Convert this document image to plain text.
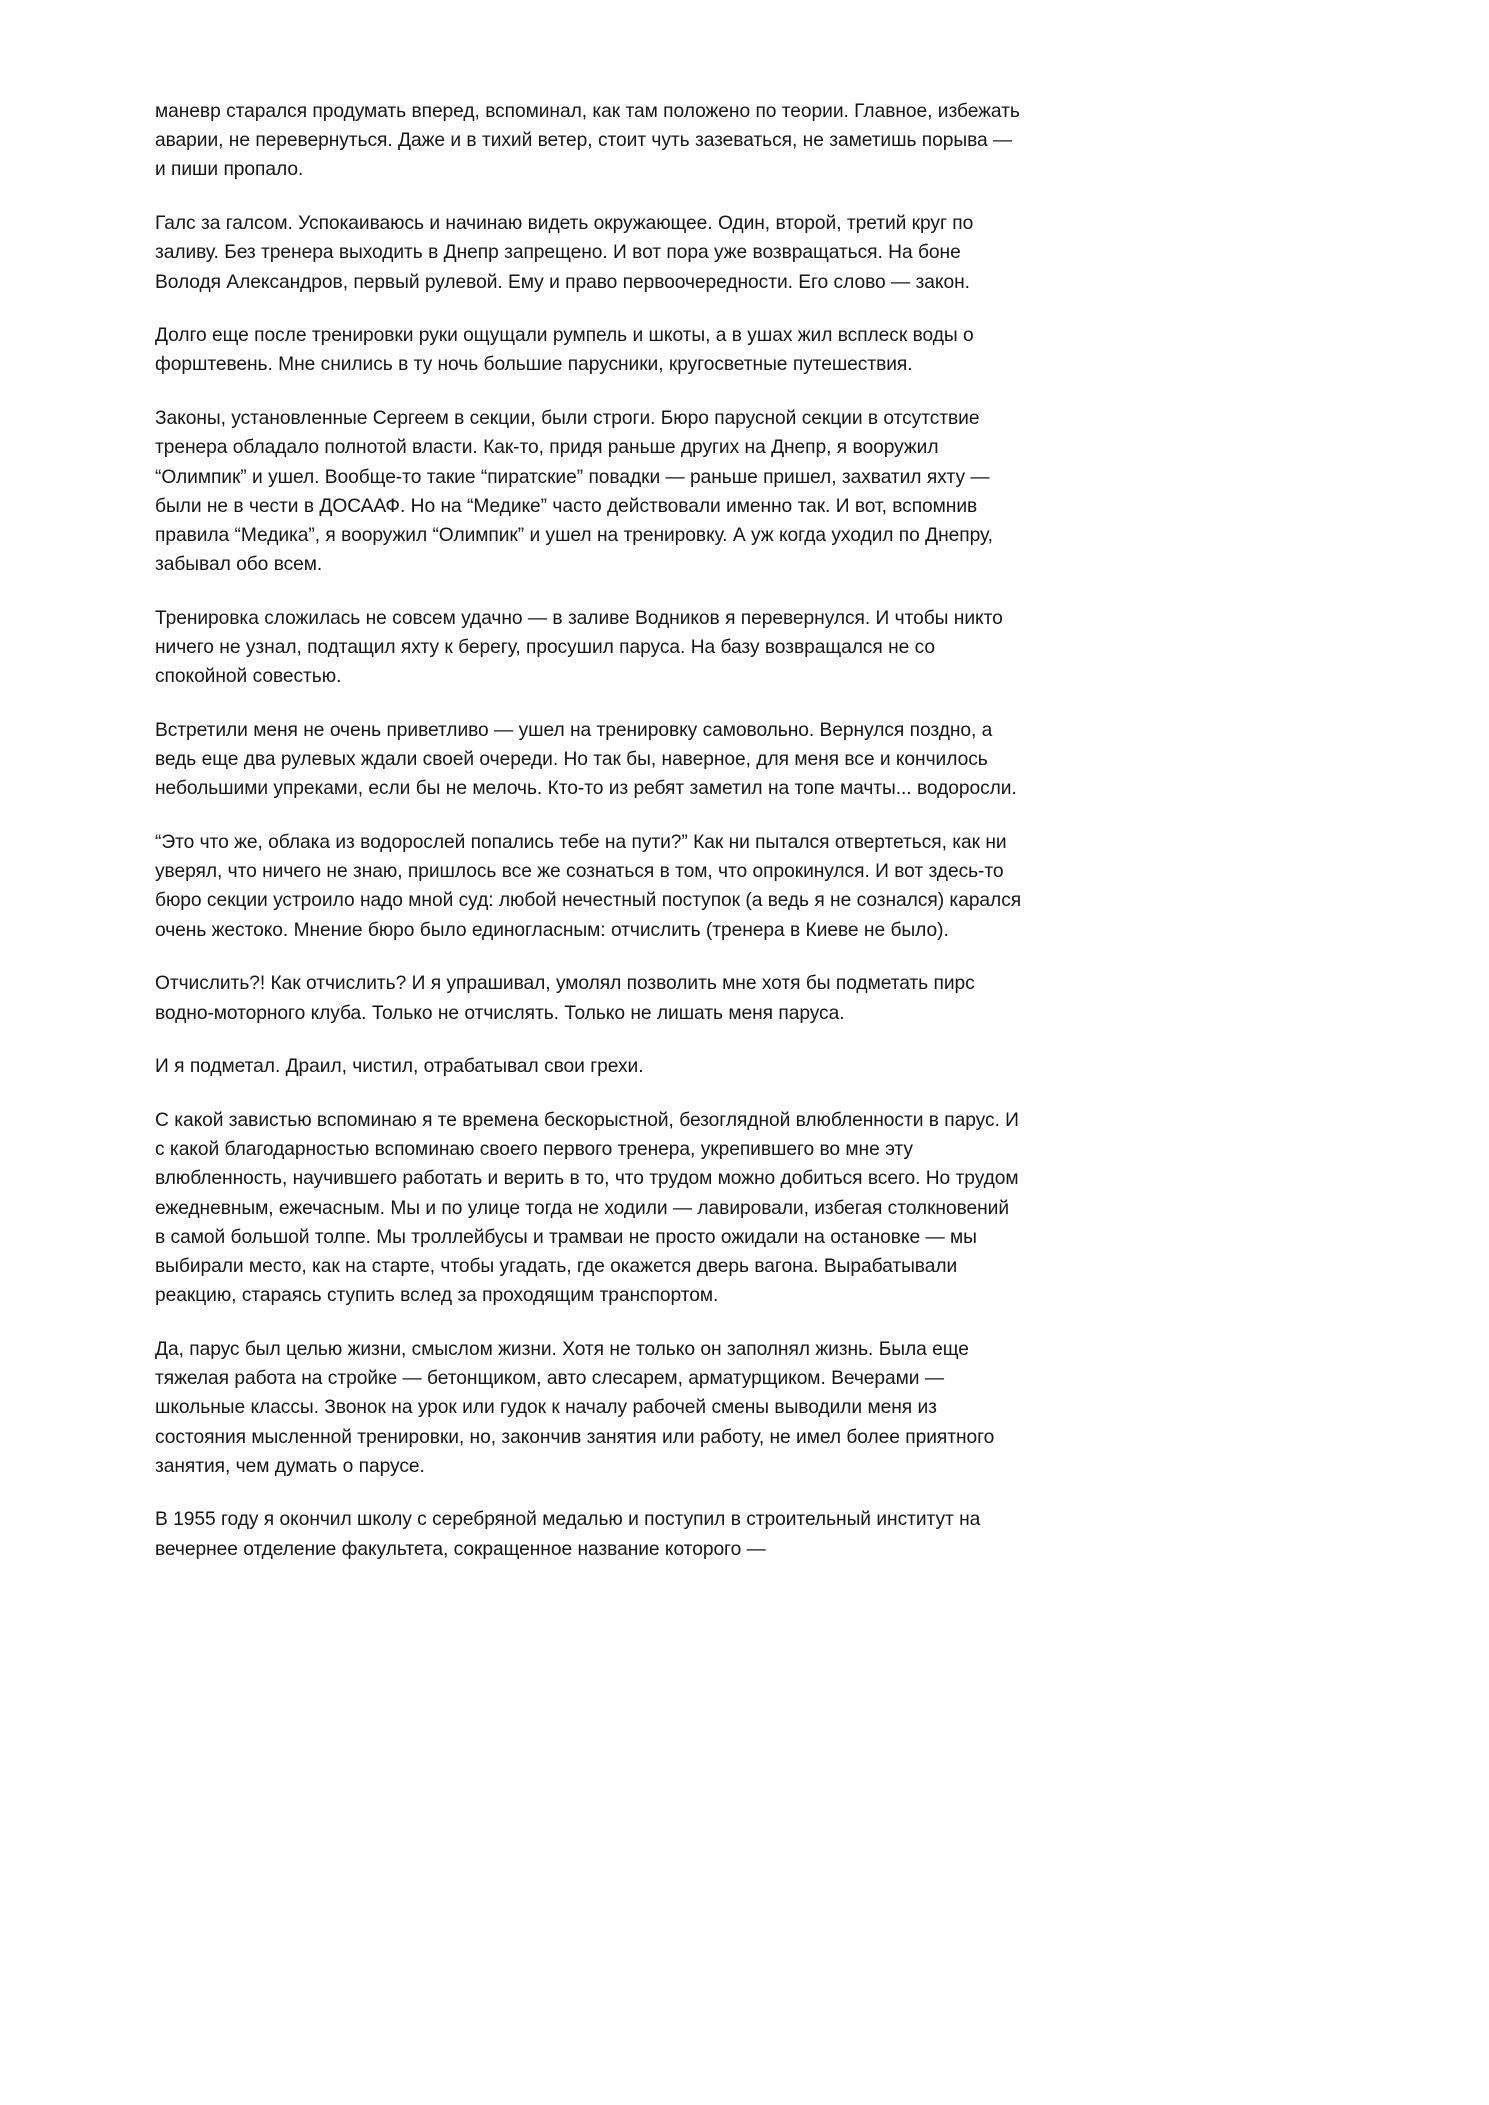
маневр старался продумать вперед, вспоминал, как там положено по теории. Главное, избежать аварии, не перевернуться. Даже и в тихий ветер, стоит чуть зазеваться, не заметишь порыва — и пиши пропало.

Галс за галсом. Успокаиваюсь и начинаю видеть окружающее. Один, второй, третий круг по заливу. Без тренера выходить в Днепр запрещено. И вот пора уже возвращаться. На боне Володя Александров, первый рулевой. Ему и право первоочередности. Его слово — закон.

Долго еще после тренировки руки ощущали румпель и шкоты, а в ушах жил всплеск воды о форштевень. Мне снились в ту ночь большие парусники, кругосветные путешествия.

Законы, установленные Сергеем в секции, были строги. Бюро парусной секции в отсутствие тренера обладало полнотой власти. Как-то, придя раньше других на Днепр, я вооружил “Олимпик” и ушел. Вообще-то такие “пиратские” повадки — раньше пришел, захватил яхту — были не в чести в ДОСААФ. Но на “Медике” часто действовали именно так. И вот, вспомнив правила “Медика”, я вооружил “Олимпик” и ушел на тренировку. А уж когда уходил по Днепру, забывал обо всем.

Тренировка сложилась не совсем удачно — в заливе Водников я перевернулся. И чтобы никто ничего не узнал, подтащил яхту к берегу, просушил паруса. На базу возвращался не со спокойной совестью.

Встретили меня не очень приветливо — ушел на тренировку самовольно. Вернулся поздно, а ведь еще два рулевых ждали своей очереди. Но так бы, наверное, для меня все и кончилось небольшими упреками, если бы не мелочь. Кто-то из ребят заметил на топе мачты... водоросли.

“Это что же, облака из водорослей попались тебе на пути?” Как ни пытался отвертеться, как ни уверял, что ничего не знаю, пришлось все же сознаться в том, что опрокинулся. И вот здесь-то бюро секции устроило надо мной суд: любой нечестный поступок (а ведь я не сознался) карался очень жестоко. Мнение бюро было единогласным: отчислить (тренера в Киеве не было).

Отчислить?! Как отчислить? И я упрашивал, умолял позволить мне хотя бы подметать пирс водно-моторного клуба. Только не отчислять. Только не лишать меня паруса.

И я подметал. Драил, чистил, отрабатывал свои грехи.

С какой завистью вспоминаю я те времена бескорыстной, безоглядной влюбленности в парус. И с какой благодарностью вспоминаю своего первого тренера, укрепившего во мне эту влюбленность, научившего работать и верить в то, что трудом можно добиться всего. Но трудом ежедневным, ежечасным. Мы и по улице тогда не ходили — лавировали, избегая столкновений в самой большой толпе. Мы троллейбусы и трамваи не просто ожидали на остановке — мы выбирали место, как на старте, чтобы угадать, где окажется дверь вагона. Вырабатывали реакцию, стараясь ступить вслед за проходящим транспортом.

Да, парус был целью жизни, смыслом жизни. Хотя не только он заполнял жизнь. Была еще тяжелая работа на стройке — бетонщиком, авто слесарем, арматурщиком. Вечерами — школьные классы. Звонок на урок или гудок к началу рабочей смены выводили меня из состояния мысленной тренировки, но, закончив занятия или работу, не имел более приятного занятия, чем думать о парусе.

В 1955 году я окончил школу с серебряной медалью и поступил в строительный институт на вечернее отделение факультета, сокращенное название которого —
